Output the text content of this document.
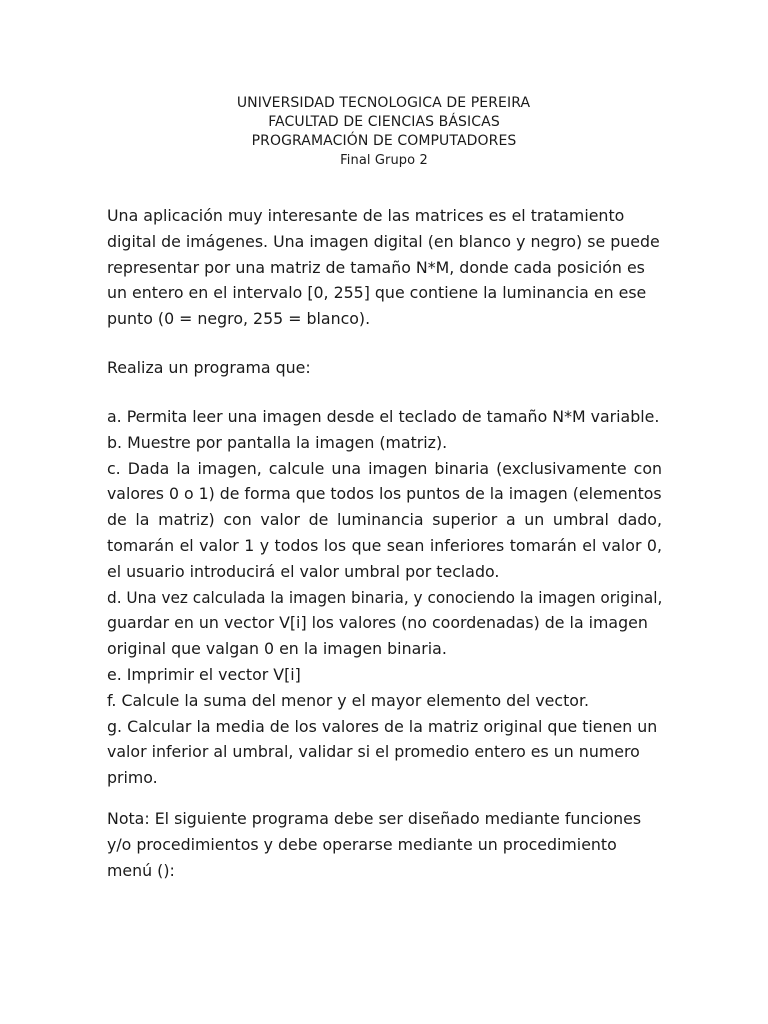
UNIVERSIDAD TECNOLOGICA DE PEREIRA
FACULTAD DE CIENCIAS BÁSICAS
PROGRAMACIÓN DE COMPUTADORES
Final Grupo 2
Una aplicación muy interesante de las matrices es el tratamiento
digital de imágenes. Una imagen digital (en blanco y negro) se puede
representar por una matriz de tamaño N*M, donde cada posición es
un entero en el intervalo [0, 255] que contiene la luminancia en ese
punto (0 = negro, 255 = blanco).
Realiza un programa que:
a. Permita leer una imagen desde el teclado de tamaño N*M variable.
b. Muestre por pantalla la imagen (matriz).
c. Dada la imagen, calcule una imagen binaria (exclusivamente con
valores 0 o 1) de forma que todos los puntos de la imagen (elementos
de la matriz) con valor de luminancia superior a un umbral dado,
tomarán el valor 1 y todos los que sean inferiores tomarán el valor 0,
el usuario introducirá el valor umbral por teclado.
d. Una vez calculada la imagen binaria, y conociendo la imagen original,
guardar en un vector V[i] los valores (no coordenadas) de la imagen
original que valgan 0 en la imagen binaria.
e. Imprimir el vector V[i]
f. Calcule la suma del menor y el mayor elemento del vector.
g. Calcular la media de los valores de la matriz original que tienen un
valor inferior al umbral, validar si el promedio entero es un numero
primo.
Nota: El siguiente programa debe ser diseñado mediante funciones
y/o procedimientos y debe operarse mediante un procedimiento
menú ():
